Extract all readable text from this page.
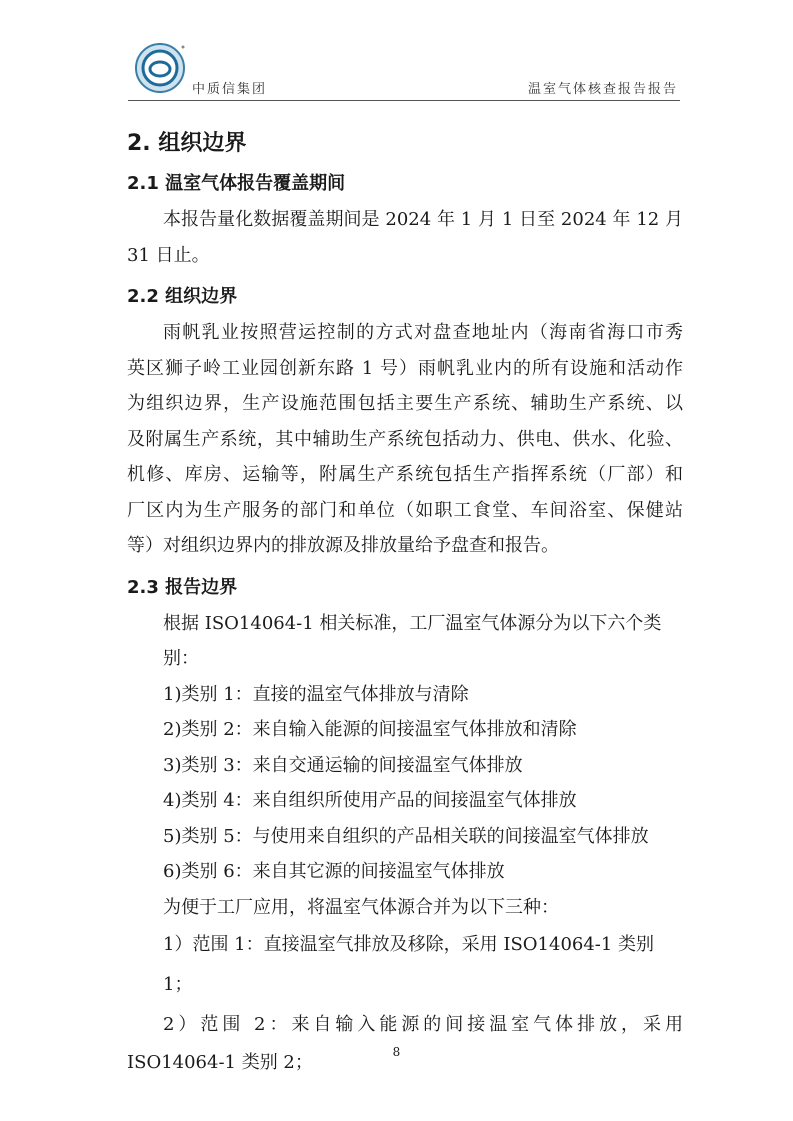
中质信集团	温室气体核查报告报告
2. 组织边界
2.1 温室气体报告覆盖期间
本报告量化数据覆盖期间是 2024 年 1 月 1 日至 2024 年 12 月
31 日止。
2.2 组织边界
雨帆乳业按照营运控制的方式对盘查地址内（海南省海口市秀
英区狮子岭工业园创新东路 1 号）雨帆乳业内的所有设施和活动作
为组织边界，生产设施范围包括主要生产系统、辅助生产系统、以
及附属生产系统，其中辅助生产系统包括动力、供电、供水、化验、
机修、库房、运输等，附属生产系统包括生产指挥系统（厂部）和
厂区内为生产服务的部门和单位（如职工食堂、车间浴室、保健站
等）对组织边界内的排放源及排放量给予盘查和报告。
2.3 报告边界
根据 ISO14064-1 相关标准，工厂温室气体源分为以下六个类别：
1)类别 1：直接的温室气体排放与清除
2)类别 2：来自输入能源的间接温室气体排放和清除
3)类别 3：来自交通运输的间接温室气体排放
4)类别 4：来自组织所使用产品的间接温室气体排放
5)类别 5：与使用来自组织的产品相关联的间接温室气体排放
6)类别 6：来自其它源的间接温室气体排放
为便于工厂应用，将温室气体源合并为以下三种：
1）范围 1：直接温室气排放及移除，采用 ISO14064-1 类别 1；
2）范围 2：来自输入能源的间接温室气体排放，采用
ISO14064-1 类别 2；	8
